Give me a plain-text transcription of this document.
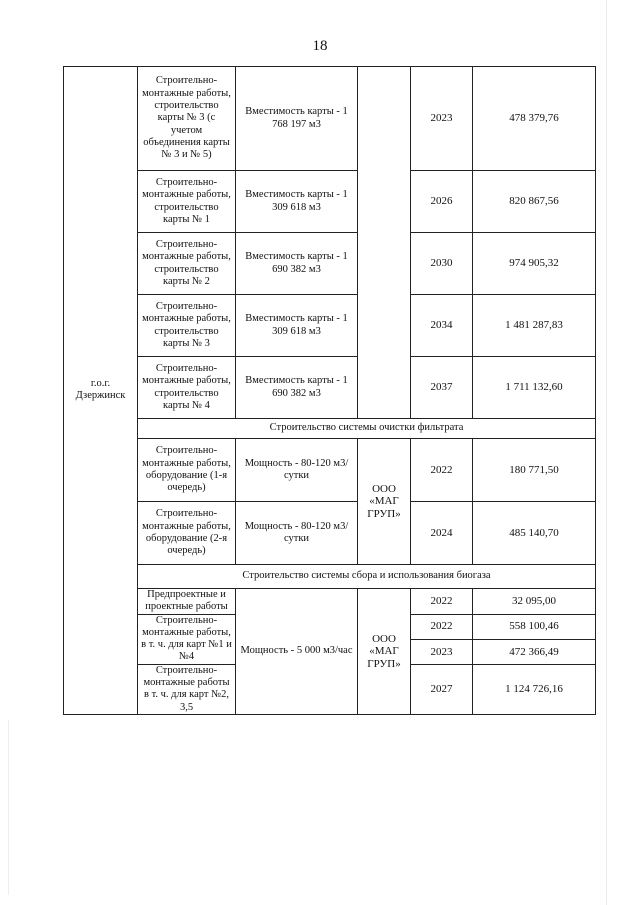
18
г.о.г. Дзержинск	Строительно-монтажные работы, строительство карты № 3 (с учетом объединения карты № 3 и № 5)	Вместимость карты - 1 768 197 м3		2023	478 379,76
	Строительно-монтажные работы, строительство карты № 1	Вместимость карты - 1 309 618 м3		2026	820 867,56
	Строительно-монтажные работы, строительство карты № 2	Вместимость карты - 1 690 382 м3		2030	974 905,32
	Строительно-монтажные работы, строительство карты № 3	Вместимость карты - 1 309 618 м3		2034	1 481 287,83
	Строительно-монтажные работы, строительство карты № 4	Вместимость карты - 1 690 382 м3		2037	1 711 132,60
	Строительство системы очистки фильтрата				
	Строительно-монтажные работы, оборудование (1-я очередь)	Мощность - 80-120 м3/сутки	ООО «МАГ ГРУП»	2022	180 771,50
	Строительно-монтажные работы, оборудование (2-я очередь)	Мощность - 80-120 м3/сутки		2024	485 140,70
	Строительство системы сбора и использования биогаза				
	Предпроектные и проектные работы	Мощность - 5 000 м3/час	ООО «МАГ ГРУП»	2022	32 095,00
	Строительно-монтажные работы, в т. ч. для карт №1 и №4			2022	558 100,46
				2023	472 366,49
	Строительно-монтажные работы в т. ч. для карт №2, 3,5			2027	1 124 726,16
